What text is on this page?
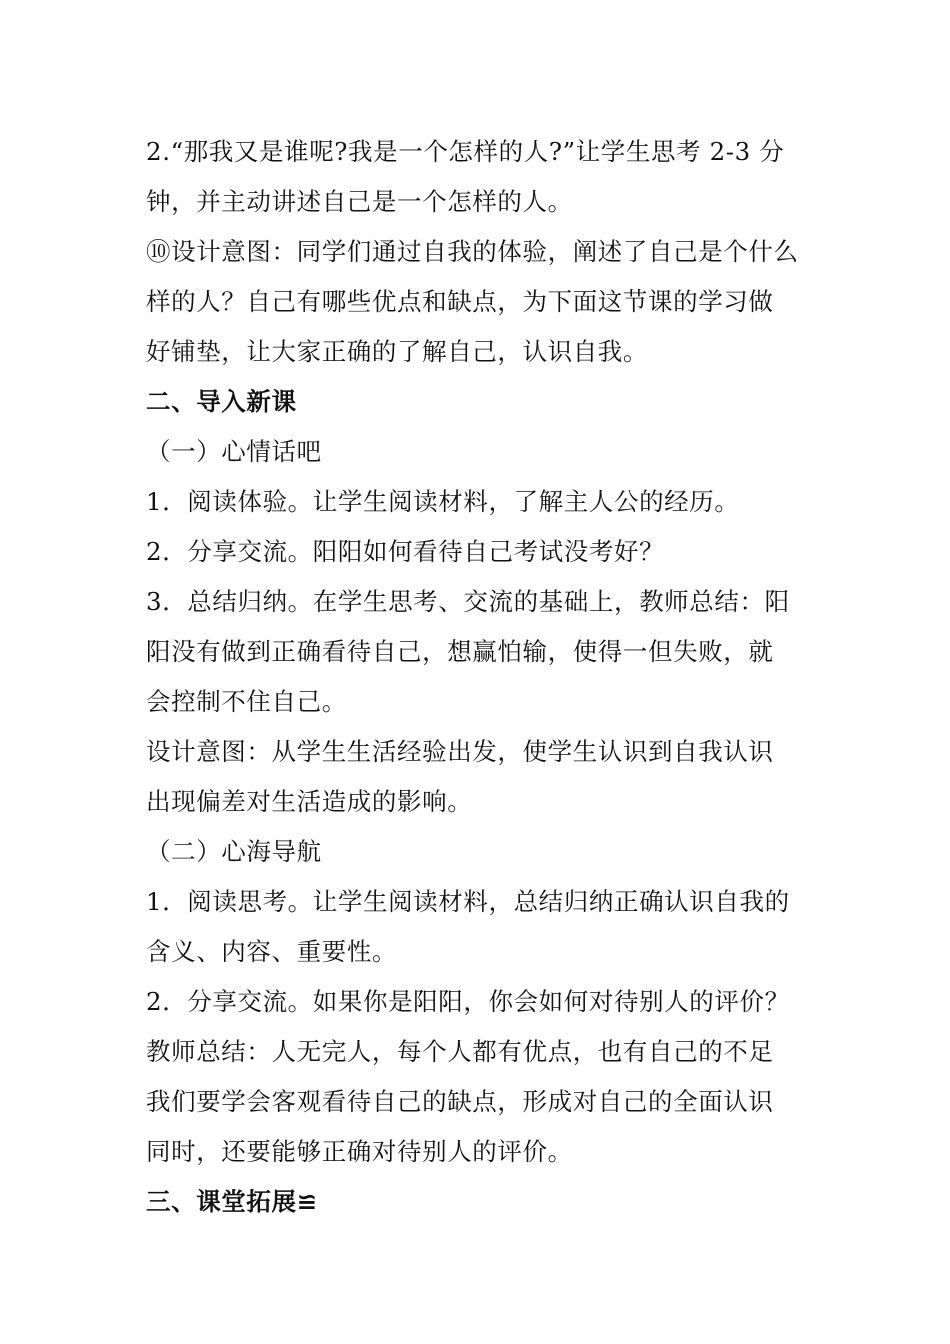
2.“那我又是谁呢?我是一个怎样的人?”让学生思考 2-3 分
钟，并主动讲述自己是一个怎样的人。
⑩设计意图：同学们通过自我的体验，阐述了自己是个什么
样的人？自己有哪些优点和缺点，为下面这节课的学习做
好铺垫，让大家正确的了解自己，认识自我。
二、导入新课
（一）心情话吧
1．阅读体验。让学生阅读材料，了解主人公的经历。
2．分享交流。阳阳如何看待自己考试没考好？
3．总结归纳。在学生思考、交流的基础上，教师总结：阳
阳没有做到正确看待自己，想赢怕输，使得一但失败，就
会控制不住自己。
设计意图：从学生生活经验出发，使学生认识到自我认识
出现偏差对生活造成的影响。
（二）心海导航
1．阅读思考。让学生阅读材料，总结归纳正确认识自我的
含义、内容、重要性。
2．分享交流。如果你是阳阳，你会如何对待别人的评价？
教师总结：人无完人，每个人都有优点，也有自己的不足
我们要学会客观看待自己的缺点，形成对自己的全面认识
同时，还要能够正确对待别人的评价。
三、课堂拓展≌
